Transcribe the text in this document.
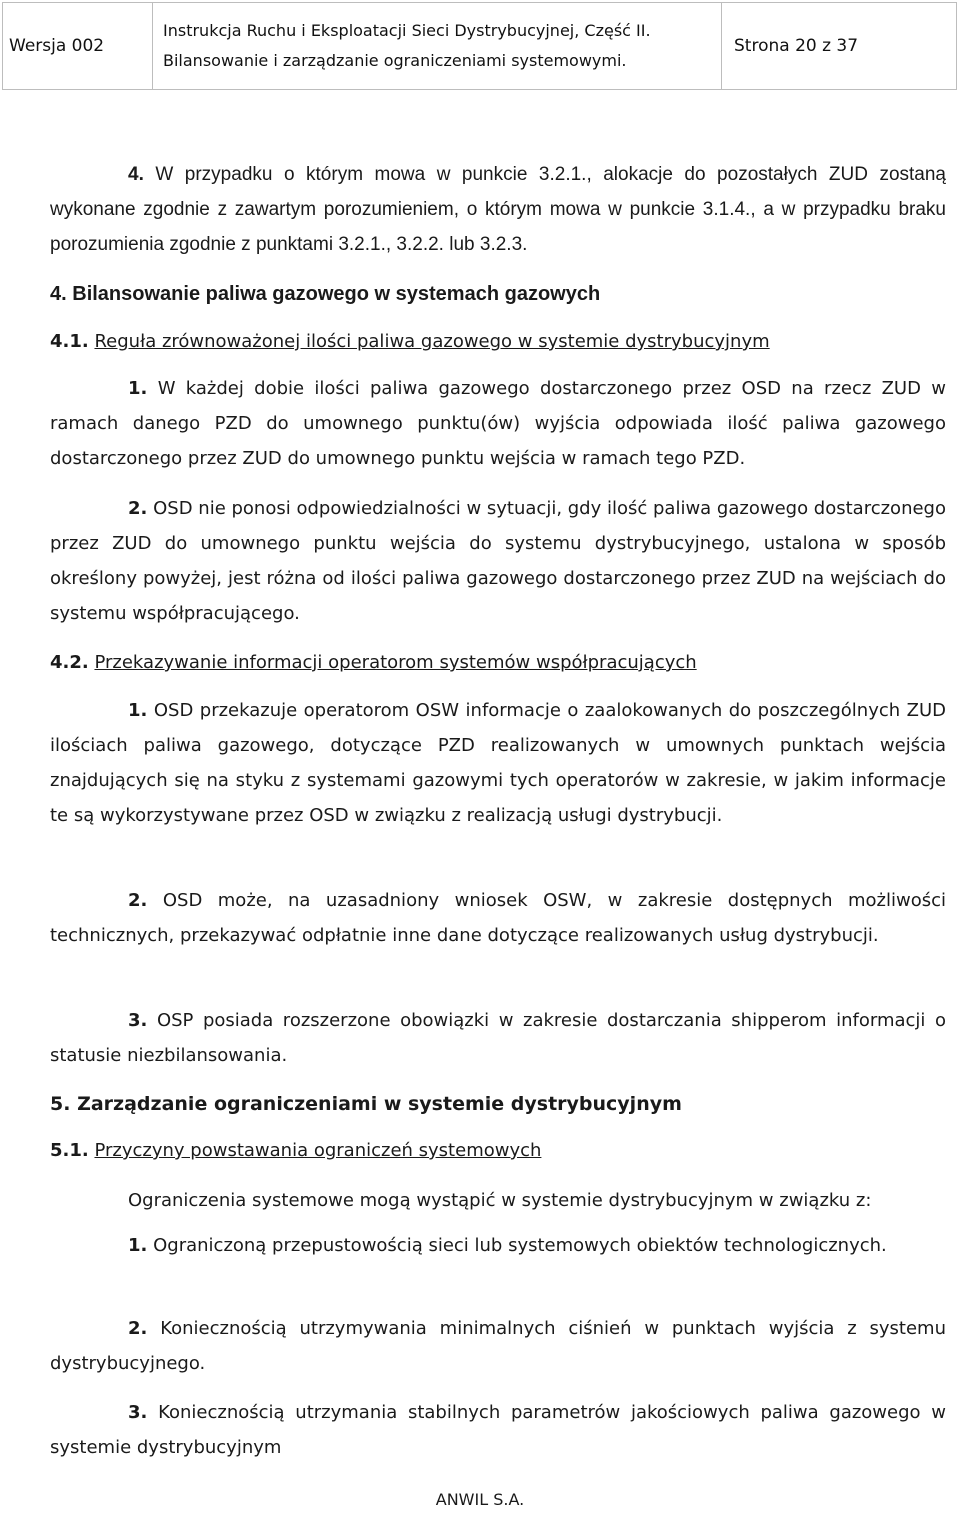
Wersja 002
Instrukcja Ruchu i Eksploatacji Sieci Dystrybucyjnej, Część II.
Bilansowanie i zarządzanie ograniczeniami systemowymi.
Strona 20 z 37

4. W przypadku o którym mowa w punkcie 3.2.1., alokacje do pozostałych ZUD zostaną wykonane zgodnie z zawartym porozumieniem, o którym mowa w punkcie 3.1.4., a w przypadku braku porozumienia zgodnie z punktami 3.2.1., 3.2.2. lub 3.2.3.

4. Bilansowanie paliwa gazowego w systemach gazowych
4.1. Reguła zrównoważonej ilości paliwa gazowego w systemie dystrybucyjnym

1. W każdej dobie ilości paliwa gazowego dostarczonego przez OSD na rzecz ZUD w ramach danego PZD do umownego punktu(ów) wyjścia odpowiada ilość paliwa gazowego dostarczonego przez ZUD do umownego punktu wejścia w ramach tego PZD.

2. OSD nie ponosi odpowiedzialności w sytuacji, gdy ilość paliwa gazowego dostarczonego przez ZUD do umownego punktu wejścia do systemu dystrybucyjnego, ustalona w sposób określony powyżej, jest różna od ilości paliwa gazowego dostarczonego przez ZUD na wejściach do systemu współpracującego.

4.2. Przekazywanie informacji operatorom systemów współpracujących

1. OSD przekazuje operatorom OSW informacje o zaalokowanych do poszczególnych ZUD ilościach paliwa gazowego, dotyczące PZD realizowanych w umownych punktach wejścia znajdujących się na styku z systemami gazowymi tych operatorów w zakresie, w jakim informacje te są wykorzystywane przez OSD w związku z realizacją usługi dystrybucji.

2. OSD może, na uzasadniony wniosek OSW, w zakresie dostępnych możliwości technicznych, przekazywać odpłatnie inne dane dotyczące realizowanych usług dystrybucji.

3. OSP posiada rozszerzone obowiązki w zakresie dostarczania shipperom informacji o statusie niezbilansowania.

5. Zarządzanie ograniczeniami w systemie dystrybucyjnym
5.1. Przyczyny powstawania ograniczeń systemowych

Ograniczenia systemowe mogą wystąpić w systemie dystrybucyjnym w związku z:

1. Ograniczoną przepustowością sieci lub systemowych obiektów technologicznych.

2. Koniecznością utrzymywania minimalnych ciśnień w punktach wyjścia z systemu dystrybucyjnego.

3. Koniecznością utrzymania stabilnych parametrów jakościowych paliwa gazowego w systemie dystrybucyjnym

ANWIL S.A.
